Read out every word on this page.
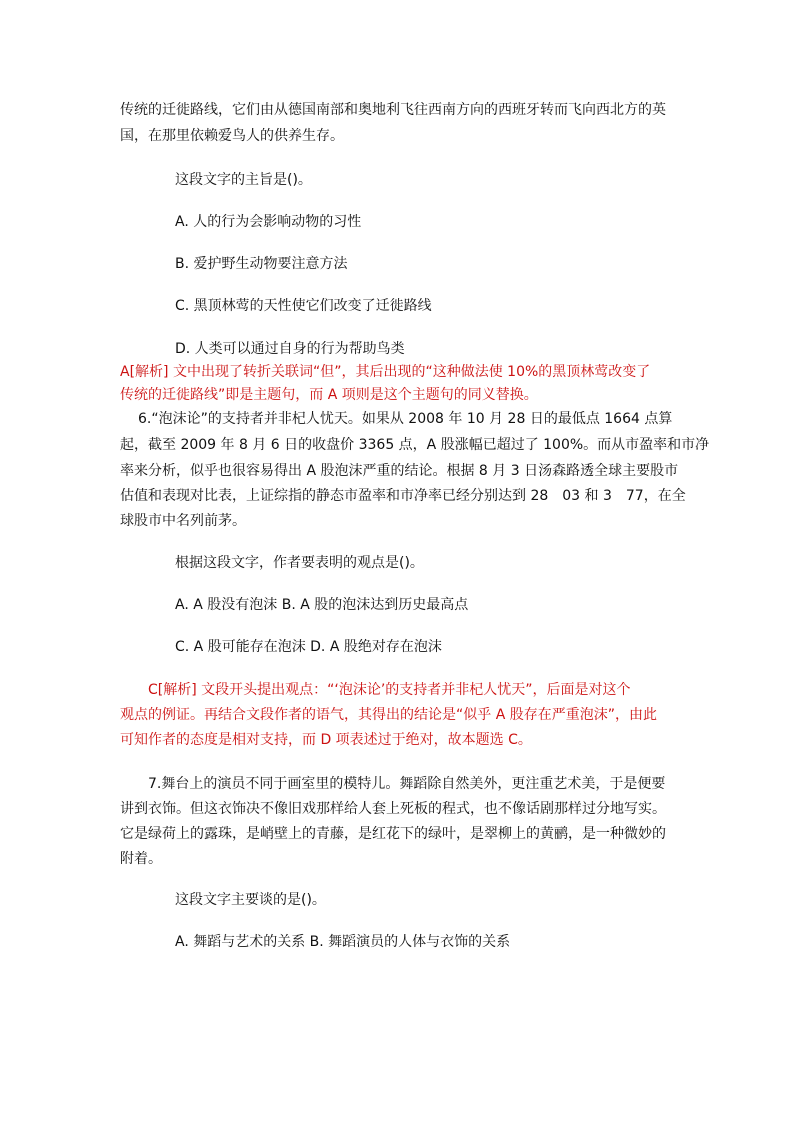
传统的迁徙路线，它们由从德国南部和奥地利飞往西南方向的西班牙转而飞向西北方的英
国，在那里依赖爱鸟人的供养生存。
这段文字的主旨是()。
A. 人的行为会影响动物的习性
B. 爱护野生动物要注意方法
C. 黑顶林莺的天性使它们改变了迁徙路线
D. 人类可以通过自身的行为帮助鸟类
A[解析] 文中出现了转折关联词“但”，其后出现的“这种做法使 10%的黑顶林莺改变了
传统的迁徙路线”即是主题句，而 A 项则是这个主题句的同义替换。
6.“泡沫论”的支持者并非杞人忧天。如果从 2008 年 10 月 28 日的最低点 1664 点算
起，截至 2009 年 8 月 6 日的收盘价 3365 点，A 股涨幅已超过了 100%。而从市盈率和市净
率来分析，似乎也很容易得出 A 股泡沫严重的结论。根据 8 月 3 日汤森路透全球主要股市
估值和表现对比表，上证综指的静态市盈率和市净率已经分别达到 28　03 和 3　77，在全
球股市中名列前茅。
根据这段文字，作者要表明的观点是()。
A. A 股没有泡沫 B. A 股的泡沫达到历史最高点
C. A 股可能存在泡沫 D. A 股绝对存在泡沫
C[解析] 文段开头提出观点：“‘泡沫论’的支持者并非杞人忧天”，后面是对这个
观点的例证。再结合文段作者的语气，其得出的结论是“似乎 A 股存在严重泡沫”，由此
可知作者的态度是相对支持，而 D 项表述过于绝对，故本题选 C。
7.舞台上的演员不同于画室里的模特儿。舞蹈除自然美外，更注重艺术美，于是便要
讲到衣饰。但这衣饰决不像旧戏那样给人套上死板的程式，也不像话剧那样过分地写实。
它是绿荷上的露珠，是峭壁上的青藤，是红花下的绿叶，是翠柳上的黄鹂，是一种微妙的
附着。
这段文字主要谈的是()。
A. 舞蹈与艺术的关系 B. 舞蹈演员的人体与衣饰的关系
